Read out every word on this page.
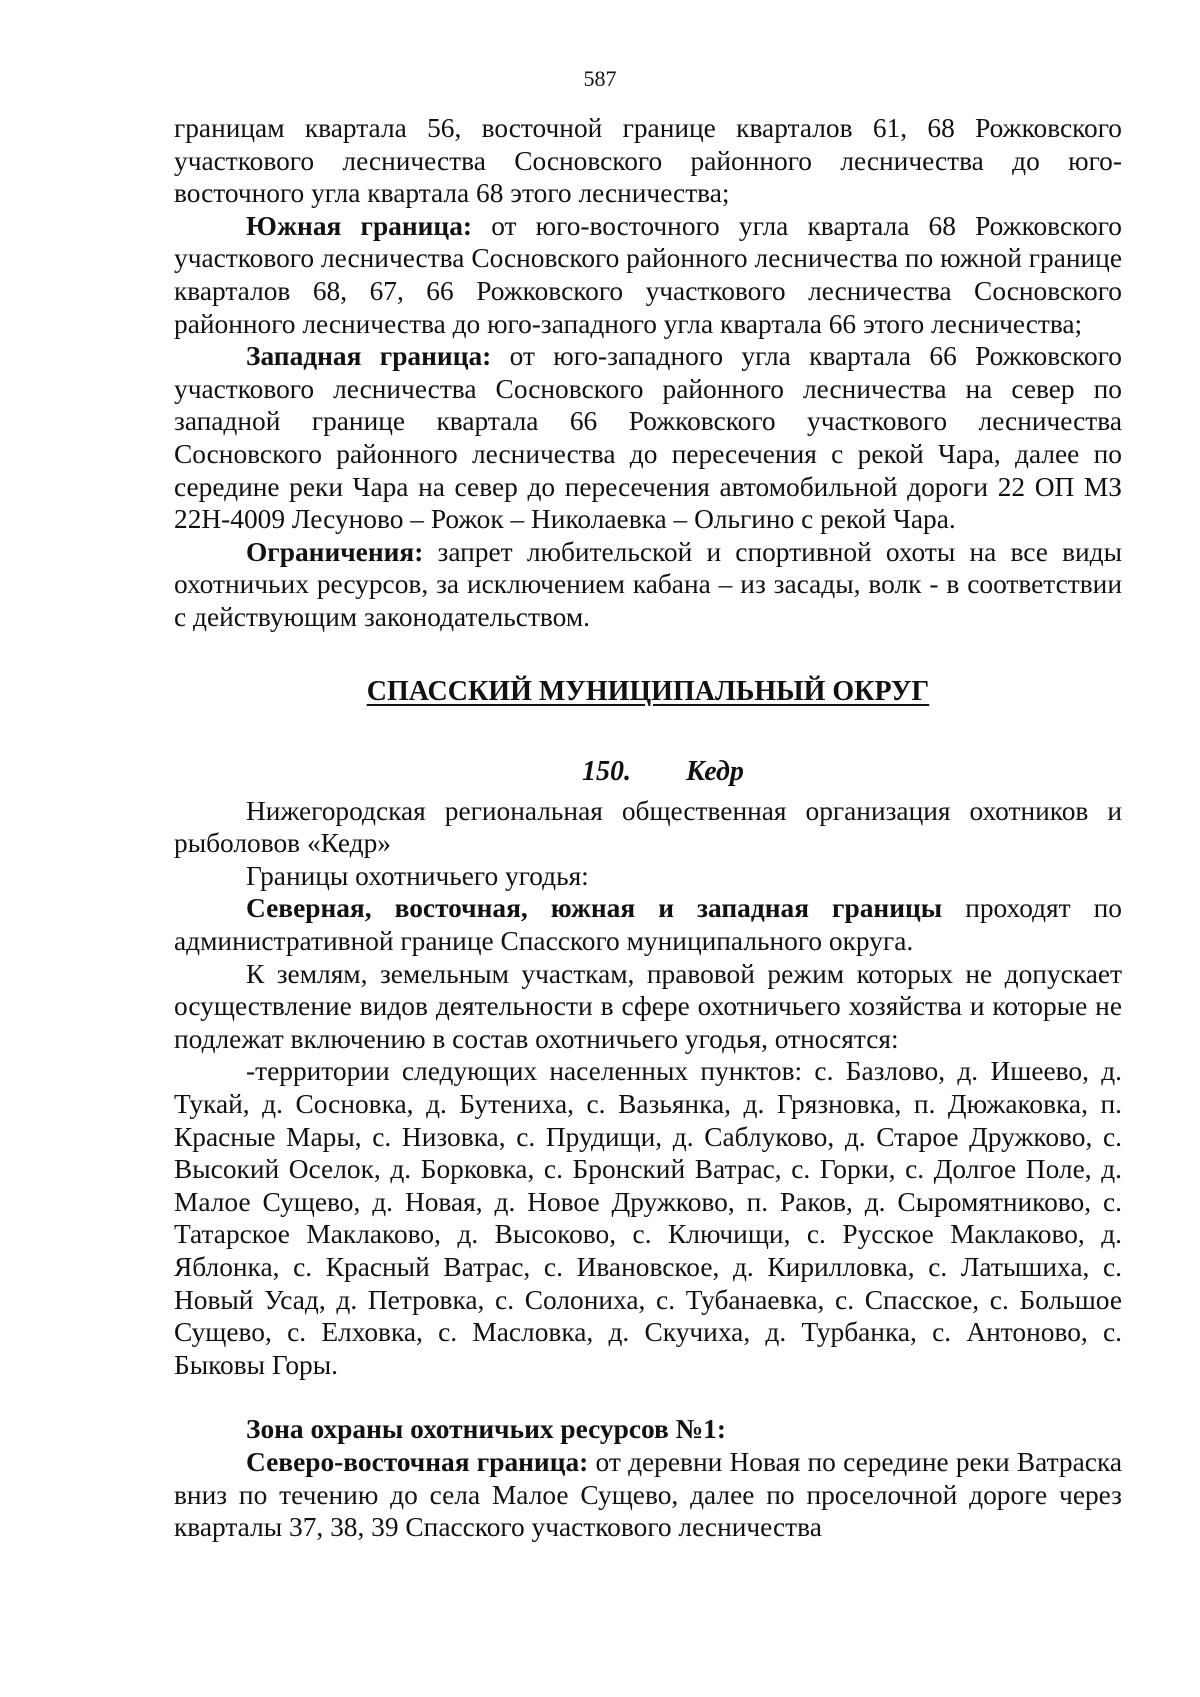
587

границам квартала 56, восточной границе кварталов 61, 68 Рожковского участкового лесничества Сосновского районного лесничества до юго-восточного угла квартала 68 этого лесничества;

Южная граница: от юго-восточного угла квартала 68 Рожковского участкового лесничества Сосновского районного лесничества по южной границе кварталов 68, 67, 66 Рожковского участкового лесничества Сосновского районного лесничества до юго-западного угла квартала 66 этого лесничества;

Западная граница: от юго-западного угла квартала 66 Рожковского участкового лесничества Сосновского районного лесничества на север по западной границе квартала 66 Рожковского участкового лесничества Сосновского районного лесничества до пересечения с рекой Чара, далее по середине реки Чара на север до пересечения автомобильной дороги 22 ОП МЗ 22Н-4009 Лесуново – Рожок – Николаевка – Ольгино с рекой Чара.

Ограничения: запрет любительской и спортивной охоты на все виды охотничьих ресурсов, за исключением кабана – из засады, волк - в соответствии с действующим законодательством.

СПАССКИЙ МУНИЦИПАЛЬНЫЙ ОКРУГ
150. Кедр

Нижегородская региональная общественная организация охотников и рыболовов «Кедр»

Границы охотничьего угодья:

Северная, восточная, южная и западная границы проходят по административной границе Спасского муниципального округа.

К землям, земельным участкам, правовой режим которых не допускает осуществление видов деятельности в сфере охотничьего хозяйства и которые не подлежат включению в состав охотничьего угодья, относятся:

-территории следующих населенных пунктов: с. Базлово, д. Ишеево, д. Тукай, д. Сосновка, д. Бутениха, с. Вазьянка, д. Грязновка, п. Дюжаковка, п. Красные Мары, с. Низовка, с. Прудищи, д. Саблуково, д. Старое Дружково, с. Высокий Оселок, д. Борковка, с. Бронский Ватрас, с. Горки, с. Долгое Поле, д. Малое Сущево, д. Новая, д. Новое Дружково, п. Раков, д. Сыромятниково, с. Татарское Маклаково, д. Высоково, с. Ключищи, с. Русское Маклаково, д. Яблонка, с. Красный Ватрас, с. Ивановское, д. Кирилловка, с. Латышиха, с. Новый Усад, д. Петровка, с. Солониха, с. Тубанаевка, с. Спасское, с. Большое Сущево, с. Елховка, с. Масловка, д. Скучиха, д. Турбанка, с. Антоново, с. Быковы Горы.

Зона охраны охотничьих ресурсов №1:

Северо-восточная граница: от деревни Новая по середине реки Ватраска вниз по течению до села Малое Сущево, далее по проселочной дороге через кварталы 37, 38, 39 Спасского участкового лесничества
